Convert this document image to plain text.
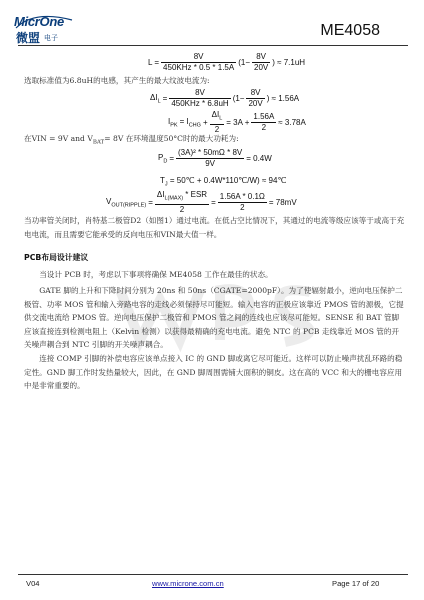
MicrOne
微盟 电子	ME4058
$L = \frac{8V}{\text{450KHz * 0.5 * 1.5A}} (1- \frac{8V}{20V}$ ) ≈ 7.1uH
选取标准值为6.8uH的电感，其产生的最大纹波电流为:
$\Delta I_L = \frac{8V}{\text{450KHz * 6.8uH}} (1- \frac{8V}{20V}$ ) ≈ 1.56A
$I_{PK} = I_{CHG} + \frac{\Delta I_L}{2} = 3A + \frac{1.56A}{2} \approx 3.78A$
在VIN = 9V and $V_{BAT}= 8V$ 在环境温度50°C时的最大功耗为:
$P_D = \frac{\text{(3A)² * 50mΩ * 8V}}{9V} = 0.4W$
$T_J$ = 50℃ + 0.4W*110℃/W) ≈ 94℃
$V_{OUT(RIPPLE)} = \frac{\Delta I_{L(MAX)} * ESR}{2} = \frac{1.56A * 0.1\Omega}{2} = 78mV$
当功率管关闭时，肖特基二极管D2（如图1）通过电流。在低占空比情况下，其通过的电流等级应该等于或高于充电电流，而且需要它能承受的反向电压和VIN最大值一样。
PCB布局设计建议
当设计 PCB 时，考虑以下事项将确保 ME4058 工作在最佳的状态。
GATE 脚的上升和下降时间分别为 20ns 和 50ns（CGATE=2000pF）。为了使辐射最小，逆向电压保护二极管、功率 MOS 管和输入旁路电容的走线必须保持尽可能短。输入电容的正极应该靠近 PMOS 管的源极，它提供交流电流给 PMOS 管。逆向电压保护二极管和 PMOS 管之间的连线也应该尽可能短。SENSE 和 BAT 管脚应该直接连到检测电阻上（Kelvin 检测）以获得最精确的充电电流。避免 NTC 的 PCB 走线靠近 MOS 管的开关噪声耦合到 NTC 引脚的开关噪声耦合。
连接 COMP 引脚的补偿电容应该单点接入 IC 的 GND 脚或离它尽可能近。这样可以防止噪声扰乱环路的稳定性。GND 脚工作时发热量较大，因此，在 GND 脚周围需铺大面积的铜皮。这在高的 VCC 和大的栅电容应用中是非常重要的。
V04	www.microne.com.cn	Page 17 of 20
